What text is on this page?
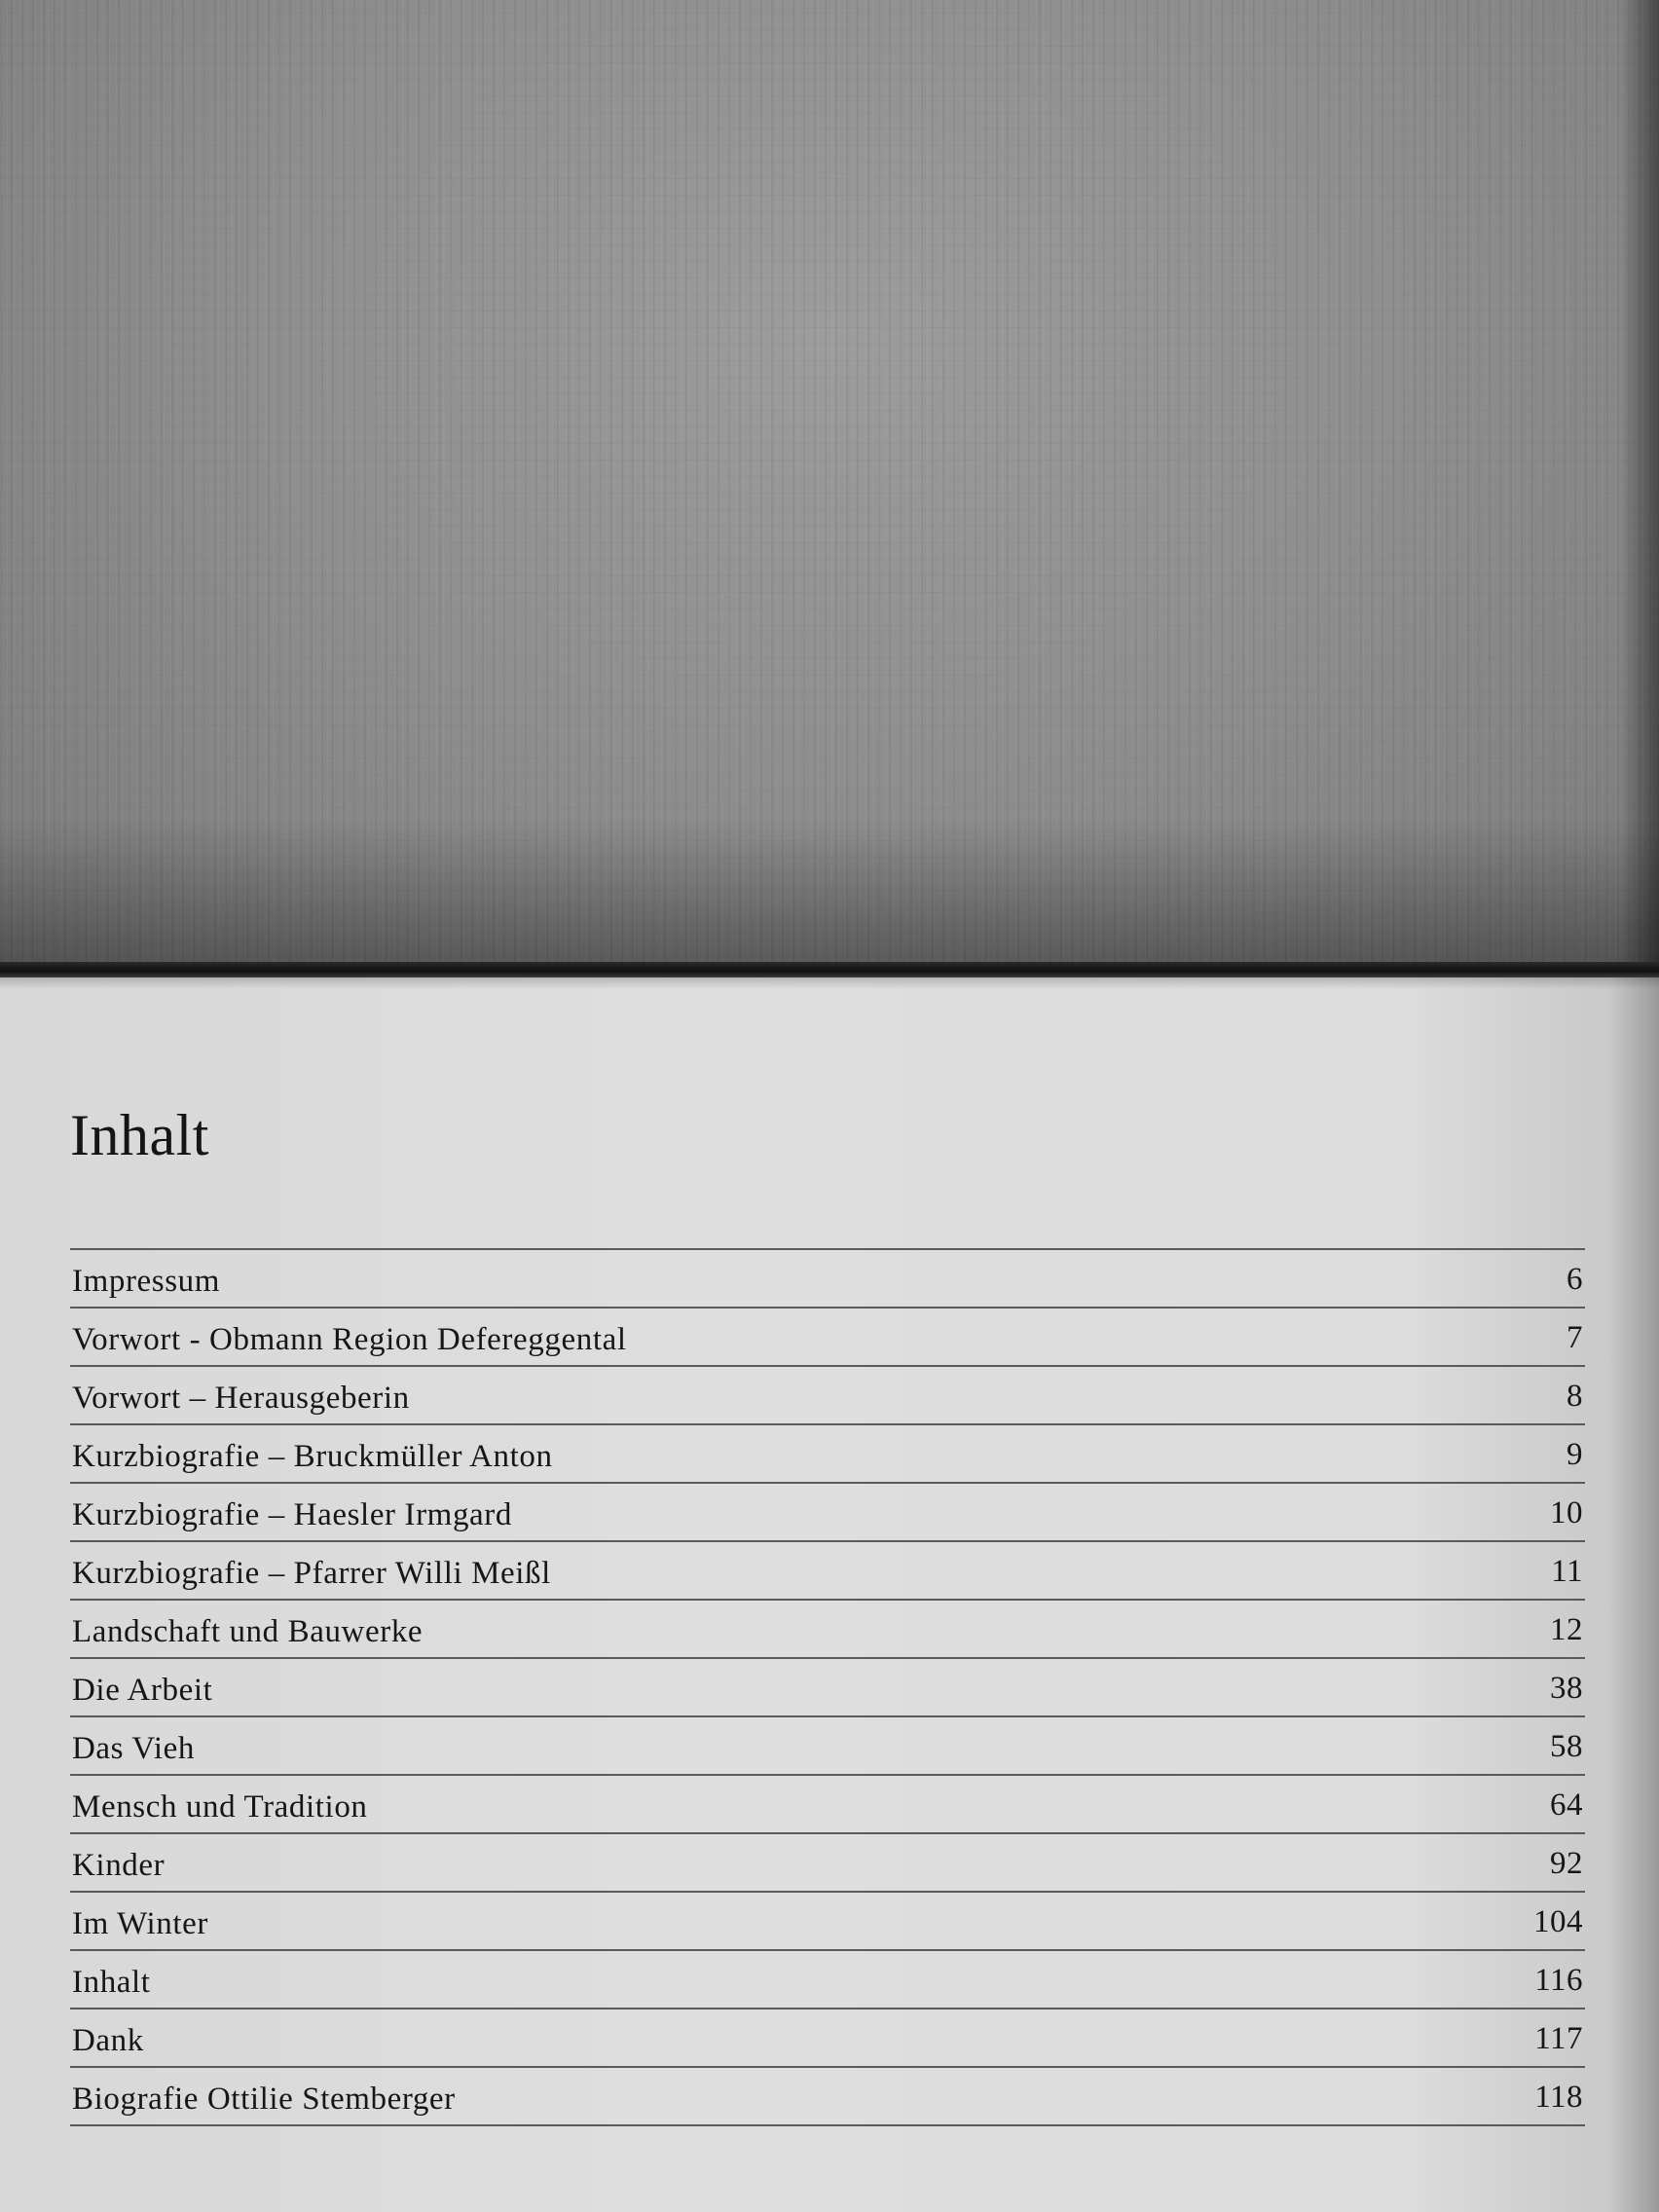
Inhalt
Impressum	6
Vorwort - Obmann Region Defereggental	7
Vorwort – Herausgeberin	8
Kurzbiografie – Bruckmüller Anton	9
Kurzbiografie – Haesler Irmgard	10
Kurzbiografie – Pfarrer Willi Meißl	11
Landschaft und Bauwerke	12
Die Arbeit	38
Das Vieh	58
Mensch und Tradition	64
Kinder	92
Im Winter	104
Inhalt	116
Dank	117
Biografie Ottilie Stemberger	118
